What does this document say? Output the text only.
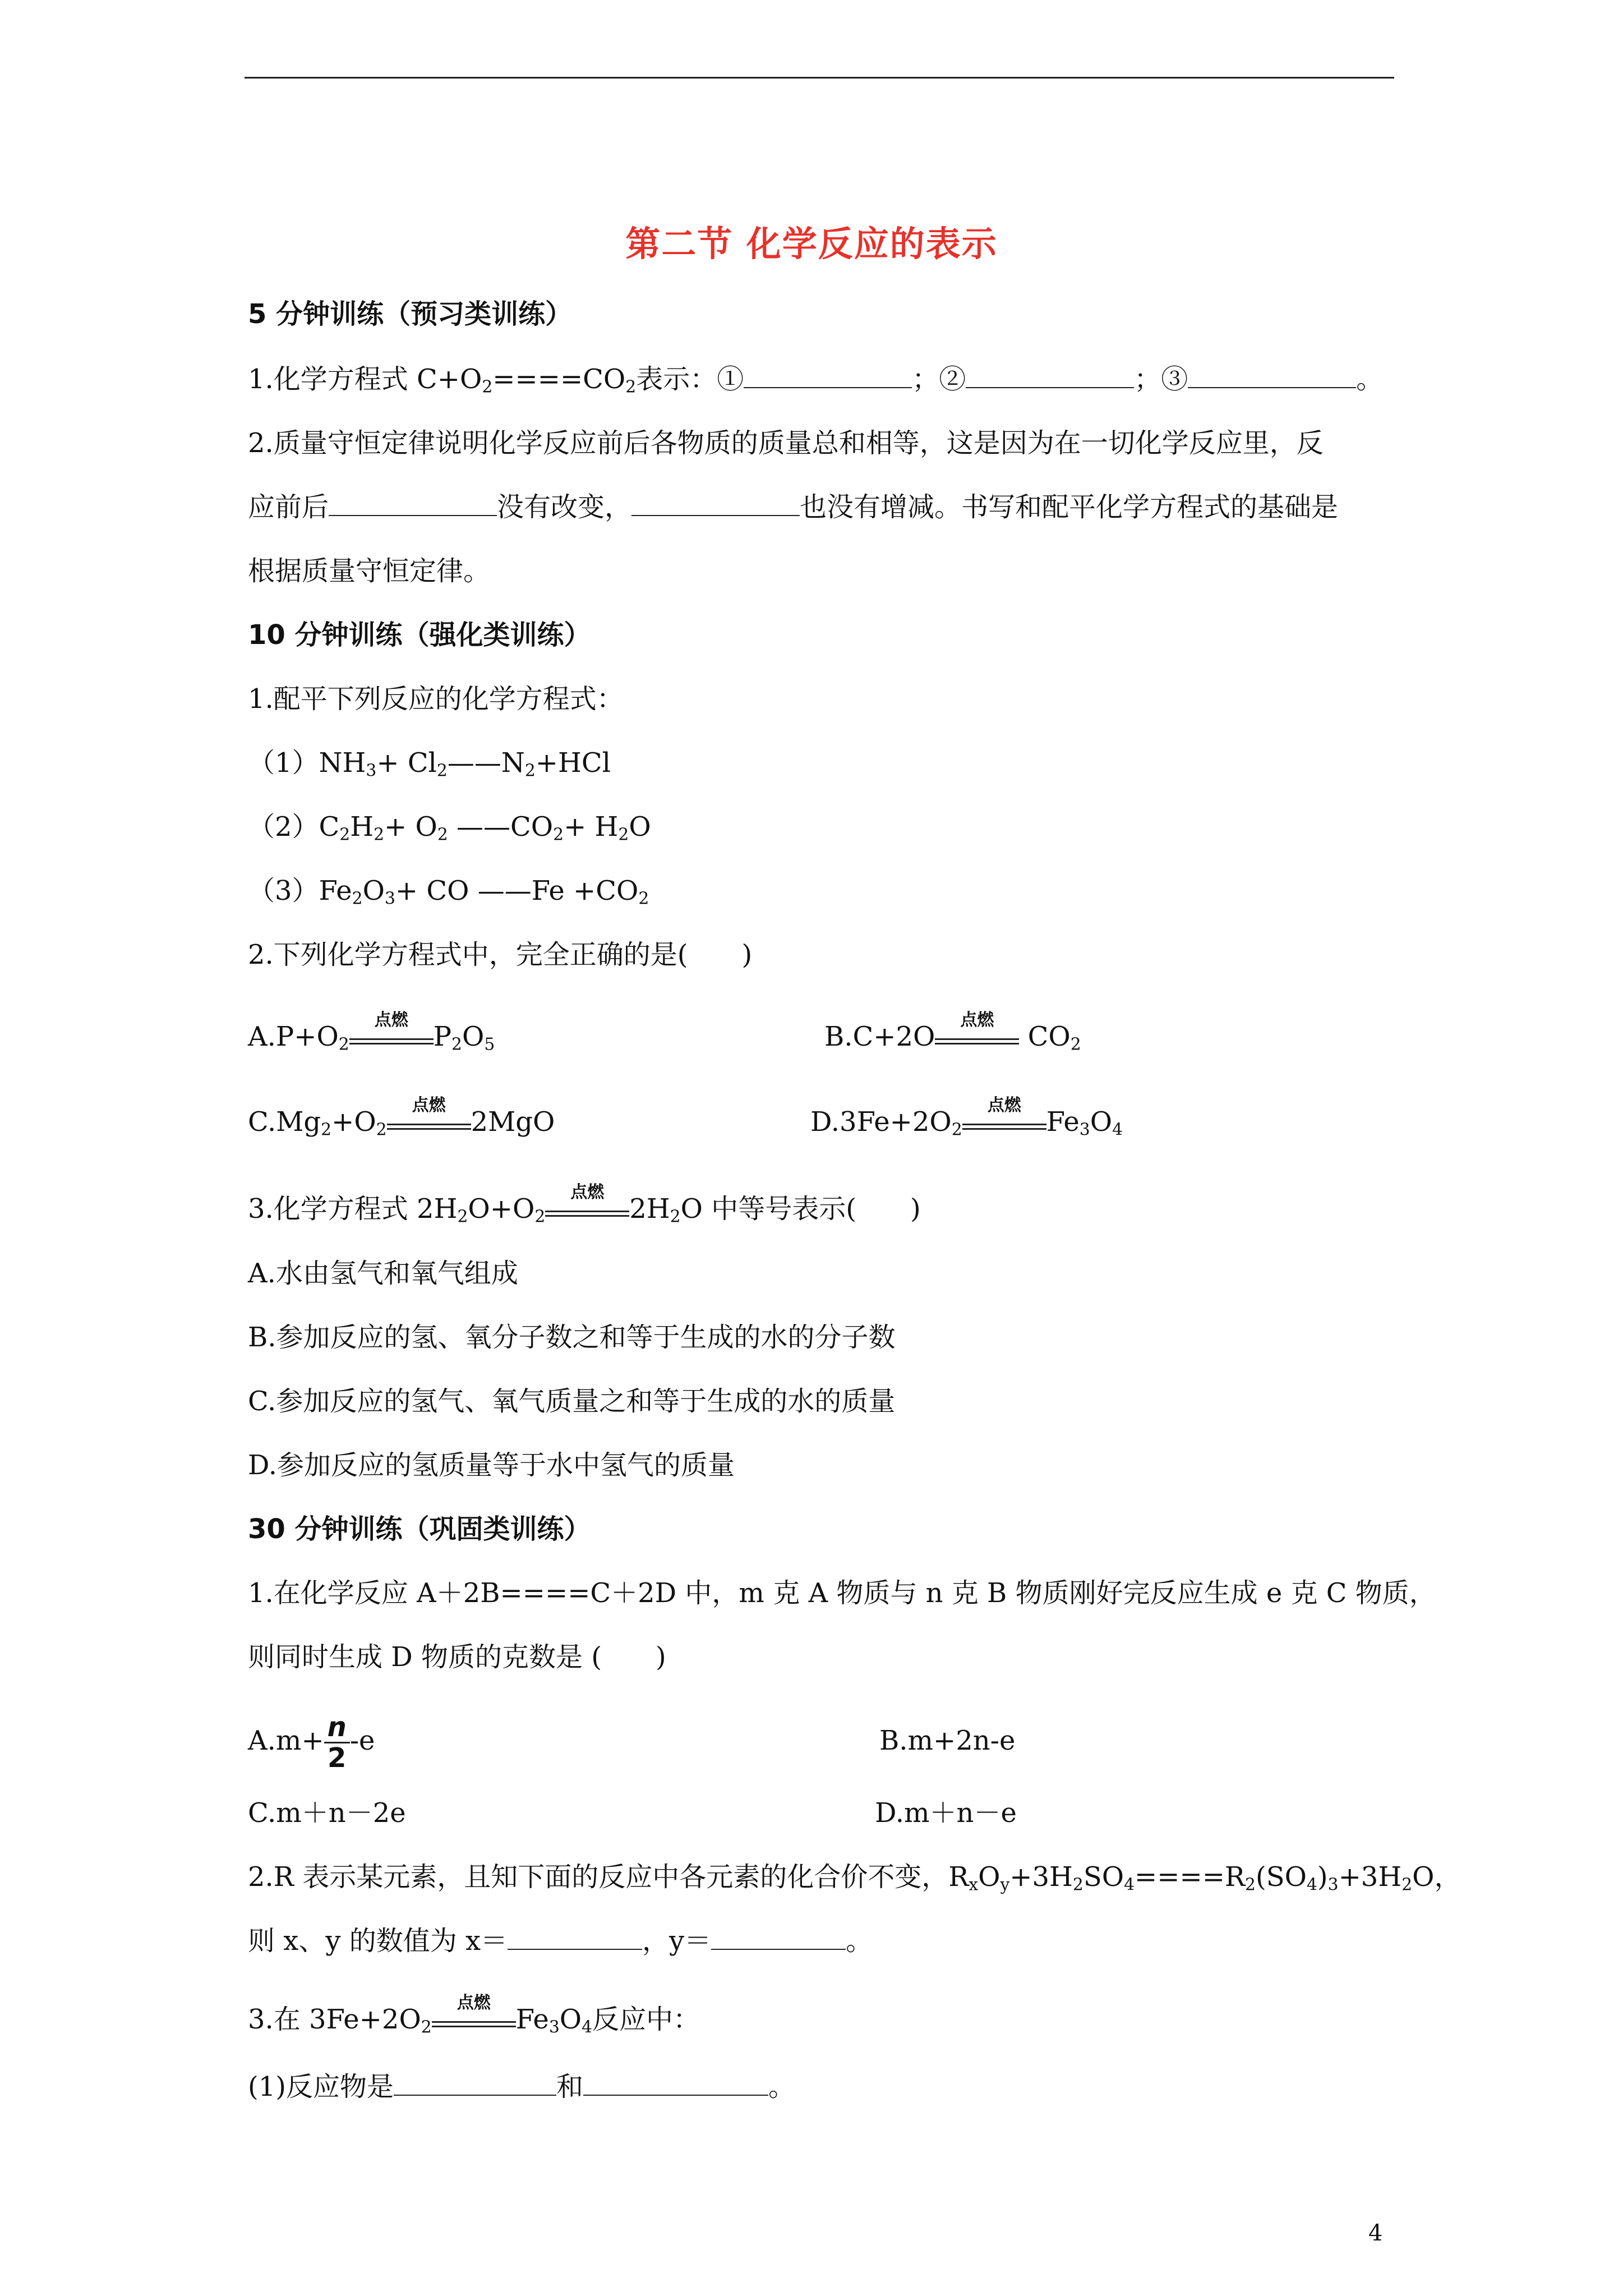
第二节 化学反应的表示
5 分钟训练（预习类训练）
1.化学方程式 $C+O_2====CO_2$表示：①	；②	；③	。
2.质量守恒定律说明化学反应前后各物质的质量总和相等，这是因为在一切化学反应里，反
应前后	没有改变，	也没有增减。书写和配平化学方程式的基础是
根据质量守恒定律。
10 分钟训练（强化类训练）
1.配平下列反应的化学方程式：
$(1)NH_3+$ $Cl_2——N_2+HCl$
$(2)C_2H_2+ O_2$ $——CO_2+ H_2O$
$(3)Fe_2O_3+$ CO ——Fe $+CO_2$
2.下列化学方程式中，完全正确的是(　　)
$A.P+O_2$
点燃
$P_2O_5$	B.C+2O
点燃
$CO_2$
$C.Mg_2+O_2$
点燃
2MgO	$D.3Fe+2O_2$
点燃
$Fe_3O_4$
3.化学方程式 $2H_2O+O_2$
点燃
$2H_2O$ 中等号表示(　　)
A.水由氢气和氧气组成
B.参加反应的氢、氧分子数之和等于生成的水的分子数
C.参加反应的氢气、氧气质量之和等于生成的水的质量
D.参加反应的氢质量等于水中氢气的质量
30 分钟训练（巩固类训练）
1.在化学反应 A＋2B====C＋2D 中，m 克 A 物质与 n 克 B 物质刚好完反应生成 e 克 C 物质，
则同时生成 D 物质的克数是 (　　)
$A.m+ \frac{n}{2} -e$	B.m+2n-e
C.m＋n－2e	D.m＋n－e
2.R 表示某元素，且知下面的反应中各元素的化合价不变，$R_xO_y+3H_2SO_4====R_2(SO_4)_3+3H_2O$，
则 x、y 的数值为 x＝	，y＝	。
3.在 $3Fe+2O_2$
点燃
$Fe_3O_4$反应中：
(1)反应物是	和	。
4
